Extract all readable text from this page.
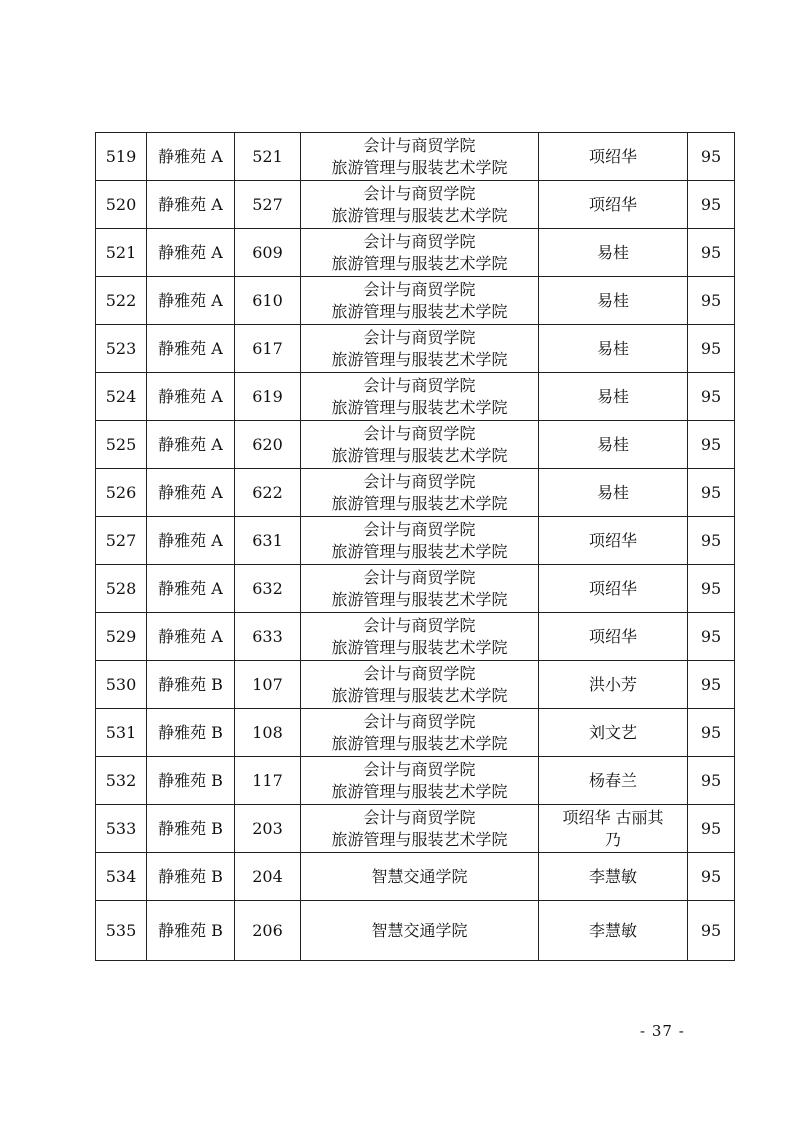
519	静雅苑 A	521	会计与商贸学院
旅游管理与服装艺术学院	项绍华	95
520	静雅苑 A	527	会计与商贸学院
旅游管理与服装艺术学院	项绍华	95
521	静雅苑 A	609	会计与商贸学院
旅游管理与服装艺术学院	易桂	95
522	静雅苑 A	610	会计与商贸学院
旅游管理与服装艺术学院	易桂	95
523	静雅苑 A	617	会计与商贸学院
旅游管理与服装艺术学院	易桂	95
524	静雅苑 A	619	会计与商贸学院
旅游管理与服装艺术学院	易桂	95
525	静雅苑 A	620	会计与商贸学院
旅游管理与服装艺术学院	易桂	95
526	静雅苑 A	622	会计与商贸学院
旅游管理与服装艺术学院	易桂	95
527	静雅苑 A	631	会计与商贸学院
旅游管理与服装艺术学院	项绍华	95
528	静雅苑 A	632	会计与商贸学院
旅游管理与服装艺术学院	项绍华	95
529	静雅苑 A	633	会计与商贸学院
旅游管理与服装艺术学院	项绍华	95
530	静雅苑 B	107	会计与商贸学院
旅游管理与服装艺术学院	洪小芳	95
531	静雅苑 B	108	会计与商贸学院
旅游管理与服装艺术学院	刘文艺	95
532	静雅苑 B	117	会计与商贸学院
旅游管理与服装艺术学院	杨春兰	95
533	静雅苑 B	203	会计与商贸学院
旅游管理与服装艺术学院	项绍华 古丽其
乃	95
534	静雅苑 B	204	智慧交通学院	李慧敏	95
535	静雅苑 B	206	智慧交通学院	李慧敏	95
- 37 -
